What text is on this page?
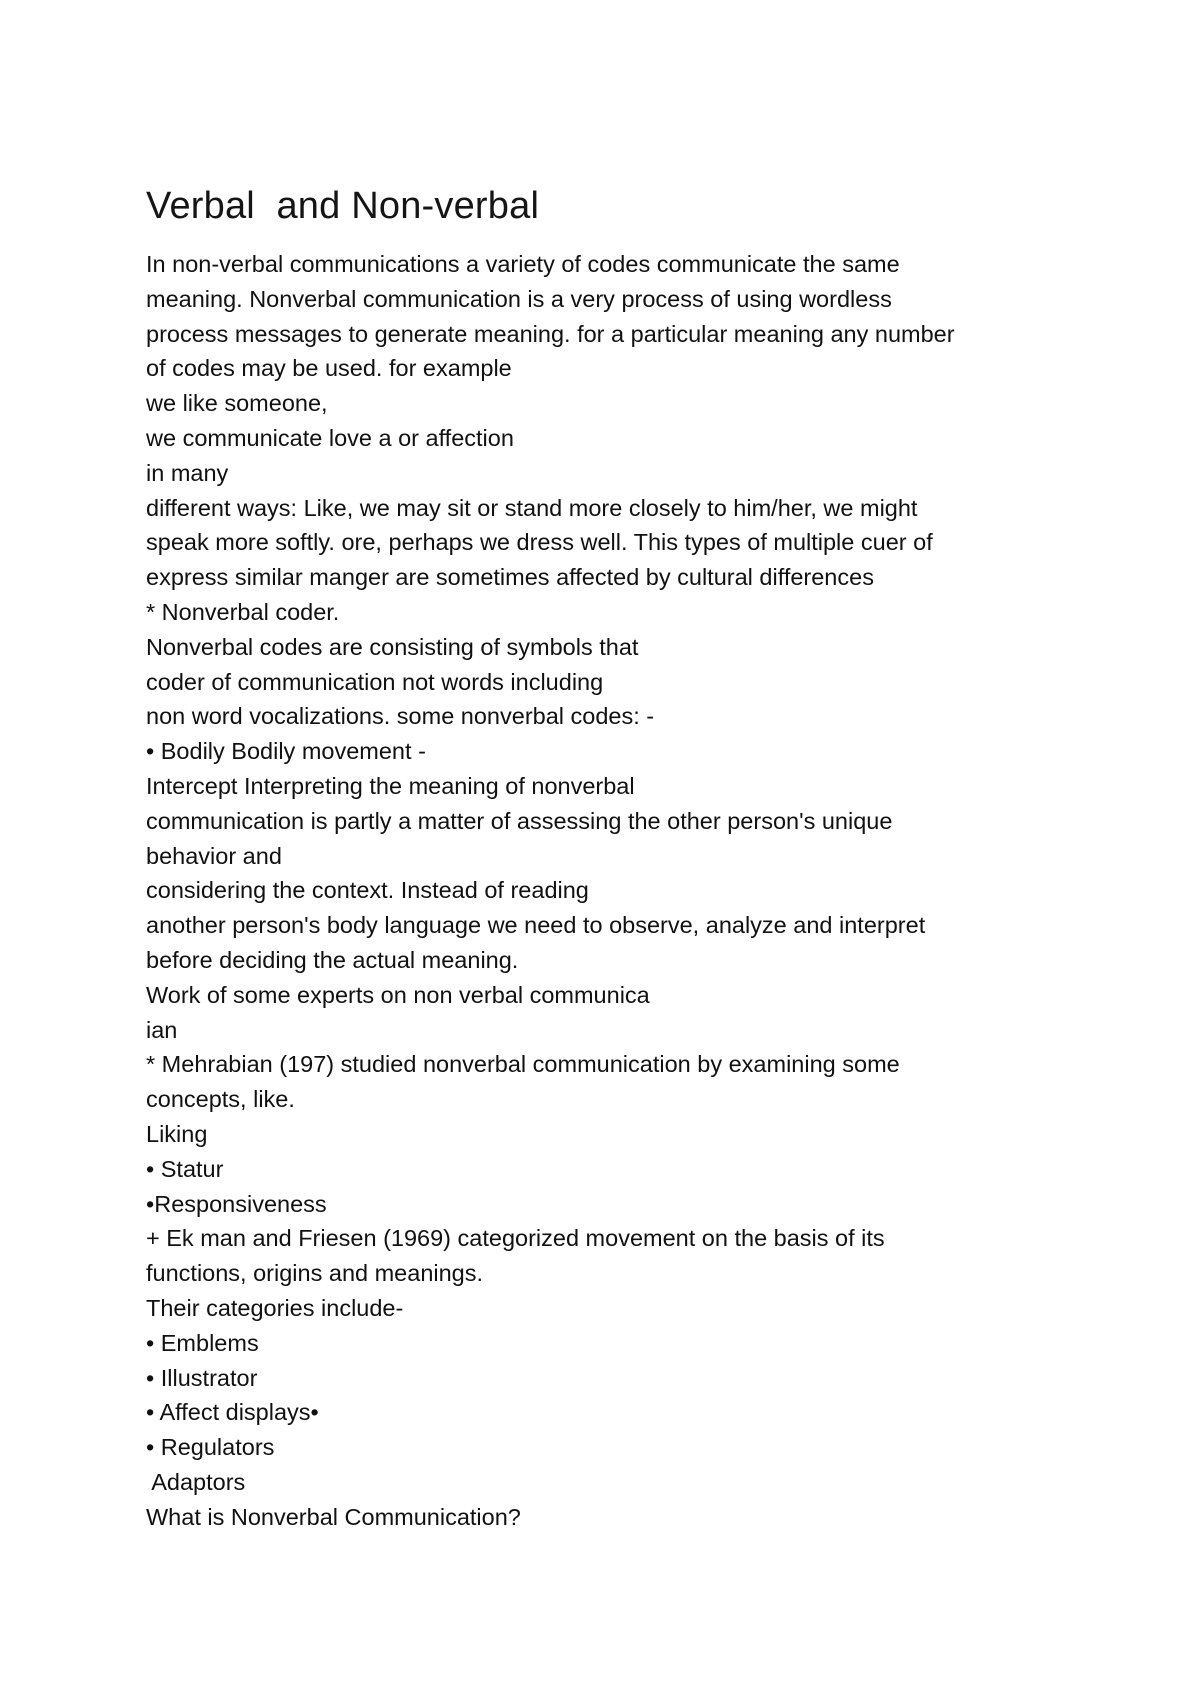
Verbal  and Non-verbal

In non-verbal communications a variety of codes communicate the same

meaning. Nonverbal communication is a very process of using wordless

process messages to generate meaning. for a particular meaning any number

of codes may be used. for example

we like someone,

we communicate love a or affection

in many

different ways: Like, we may sit or stand more closely to him/her, we might

speak more softly. ore, perhaps we dress well. This types of multiple cuer of

express similar manger are sometimes affected by cultural differences

* Nonverbal coder.

Nonverbal codes are consisting of symbols that

coder of communication not words including

non word vocalizations. some nonverbal codes: -

• Bodily Bodily movement -

Intercept Interpreting the meaning of nonverbal

communication is partly a matter of assessing the other person's unique

behavior and

considering the context. Instead of reading

another person's body language we need to observe, analyze and interpret

before deciding the actual meaning.

Work of some experts on non verbal communica

ian

* Mehrabian (197) studied nonverbal communication by examining some

concepts, like.

Liking

• Statur

•Responsiveness

+ Ek man and Friesen (1969) categorized movement on the basis of its

functions, origins and meanings.

Their categories include-

• Emblems

• Illustrator

• Affect displays•

• Regulators

Adaptors

What is Nonverbal Communication?
